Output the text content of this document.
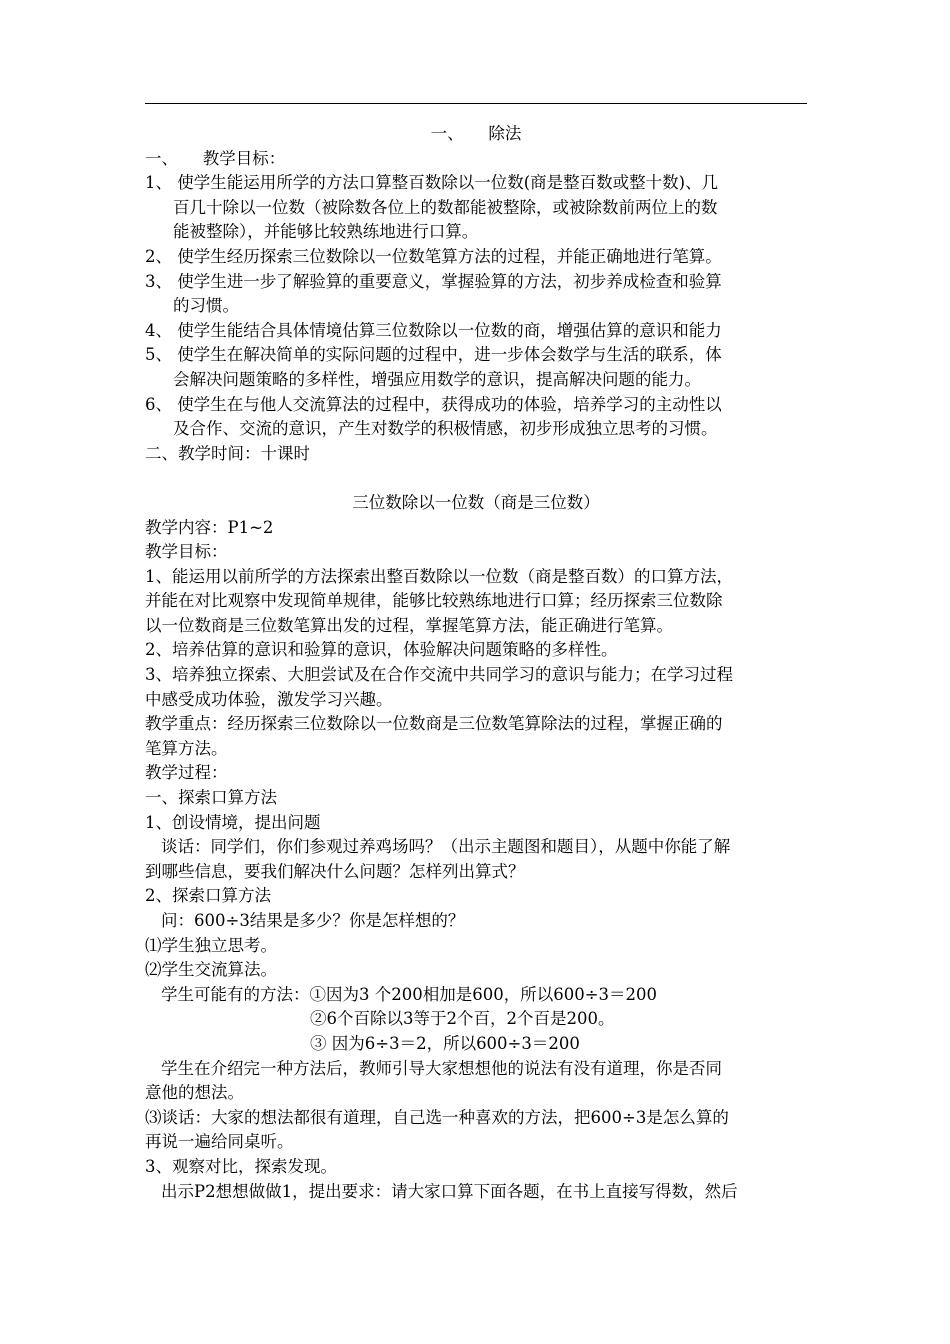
一、　　除法
一、　　教学目标：
1、 使学生能运用所学的方法口算整百数除以一位数(商是整百数或整十数)、几
百几十除以一位数（被除数各位上的数都能被整除，或被除数前两位上的数
能被整除），并能够比较熟练地进行口算。
2、 使学生经历探索三位数除以一位数笔算方法的过程，并能正确地进行笔算。
3、 使学生进一步了解验算的重要意义，掌握验算的方法，初步养成检查和验算
的习惯。
4、 使学生能结合具体情境估算三位数除以一位数的商，增强估算的意识和能力
5、 使学生在解决简单的实际问题的过程中，进一步体会数学与生活的联系，体
会解决问题策略的多样性，增强应用数学的意识，提高解决问题的能力。
6、 使学生在与他人交流算法的过程中，获得成功的体验，培养学习的主动性以
及合作、交流的意识，产生对数学的积极情感，初步形成独立思考的习惯。
二、教学时间：十课时
三位数除以一位数（商是三位数）
教学内容：P1~2
教学目标：
1、能运用以前所学的方法探索出整百数除以一位数（商是整百数）的口算方法，
并能在对比观察中发现简单规律，能够比较熟练地进行口算；经历探索三位数除
以一位数商是三位数笔算出发的过程，掌握笔算方法，能正确进行笔算。
2、培养估算的意识和验算的意识，体验解决问题策略的多样性。
3、培养独立探索、大胆尝试及在合作交流中共同学习的意识与能力；在学习过程
中感受成功体验，激发学习兴趣。
教学重点：经历探索三位数除以一位数商是三位数笔算除法的过程，掌握正确的
笔算方法。
教学过程：
一、探索口算方法
1、创设情境，提出问题
谈话：同学们，你们参观过养鸡场吗？（出示主题图和题目），从题中你能了解
到哪些信息，要我们解决什么问题？怎样列出算式？
2、探索口算方法
问：600÷3结果是多少？你是怎样想的？
⑴学生独立思考。
⑵学生交流算法。
学生可能有的方法：①因为3 个200相加是600，所以600÷3＝200
②6个百除以3等于2个百，2个百是200。
③ 因为6÷3＝2，所以600÷3＝200
学生在介绍完一种方法后，教师引导大家想想他的说法有没有道理，你是否同
意他的想法。
⑶谈话：大家的想法都很有道理，自己选一种喜欢的方法，把600÷3是怎么算的
再说一遍给同桌听。
3、观察对比，探索发现。
出示P2想想做做1，提出要求：请大家口算下面各题，在书上直接写得数，然后
